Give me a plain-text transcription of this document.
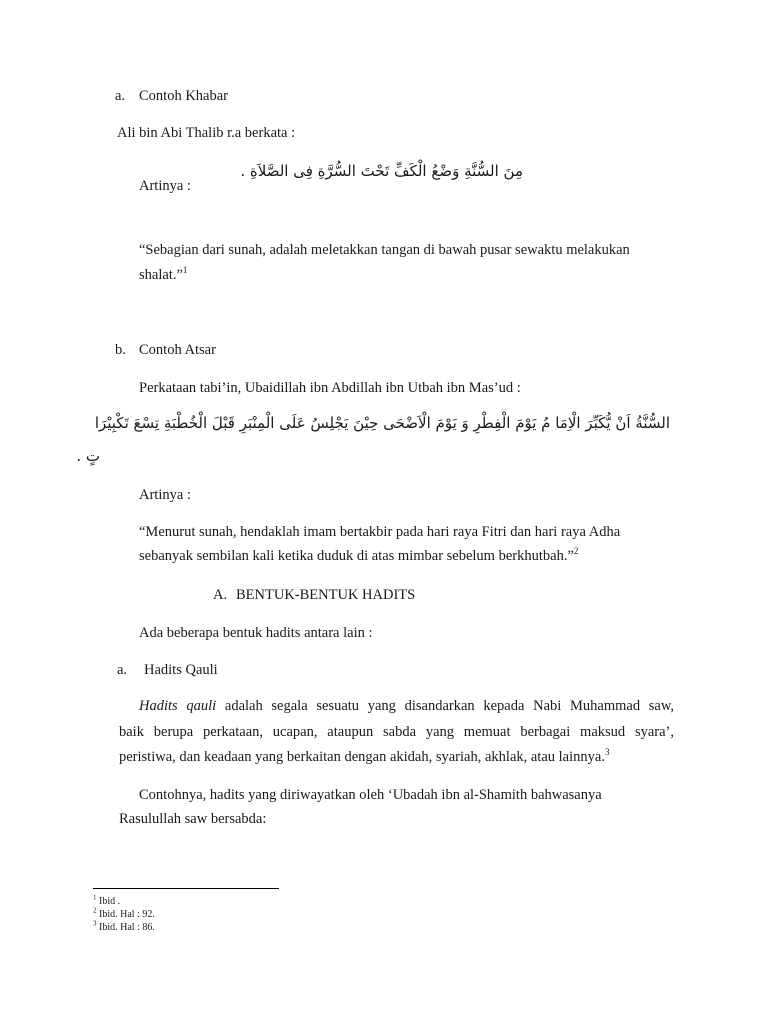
a. Contoh Khabar
Ali bin Abi Thalib r.a berkata :
مِنَ السُّنَّةِ وَضْعُ الْكَفِّ تَحْتَ السُّرَّةِ فِى الصَّلاَةِ .
Artinya :
“Sebagian dari sunah, adalah meletakkan tangan di bawah pusar sewaktu melakukan
shalat.”$^1$
b. Contoh Atsar
Perkataan tabi’in, Ubaidillah ibn Abdillah ibn Utbah ibn Mas’ud :
السُّنَّةُ اَنْ يُّكَبِّرَ الْاِمَا مُ يَوْمَ الْفِطْرِ وَ يَوْمَ الْاَضْحَى حِيْنَ يَجْلِسُ عَلَى الْمِنْبَرِ قَبْلَ الْخُطْبَةِ تِسْعَ تَكْبِيْرَا
تٍ .
Artinya :
“Menurut sunah, hendaklah imam bertakbir pada hari raya Fitri dan hari raya Adha
sebanyak sembilan kali ketika duduk di atas mimbar sebelum berkhutbah.”$^2$
A. BENTUK-BENTUK HADITS
Ada beberapa bentuk hadits antara lain :
a. Hadits Qauli
Hadits qauli adalah segala sesuatu yang disandarkan kepada Nabi Muhammad saw,
baik berupa perkataan, ucapan, ataupun sabda yang memuat berbagai maksud syara’,
peristiwa, dan keadaan yang berkaitan dengan akidah, syariah, akhlak, atau lainnya.$^3$
Contohnya, hadits yang diriwayatkan oleh ‘Ubadah ibn al-Shamith bahwasanya
Rasulullah saw bersabda:
$^1$ Ibid .
$^2$ Ibid. Hal : 92.
$^3$ Ibid. Hal : 86.
